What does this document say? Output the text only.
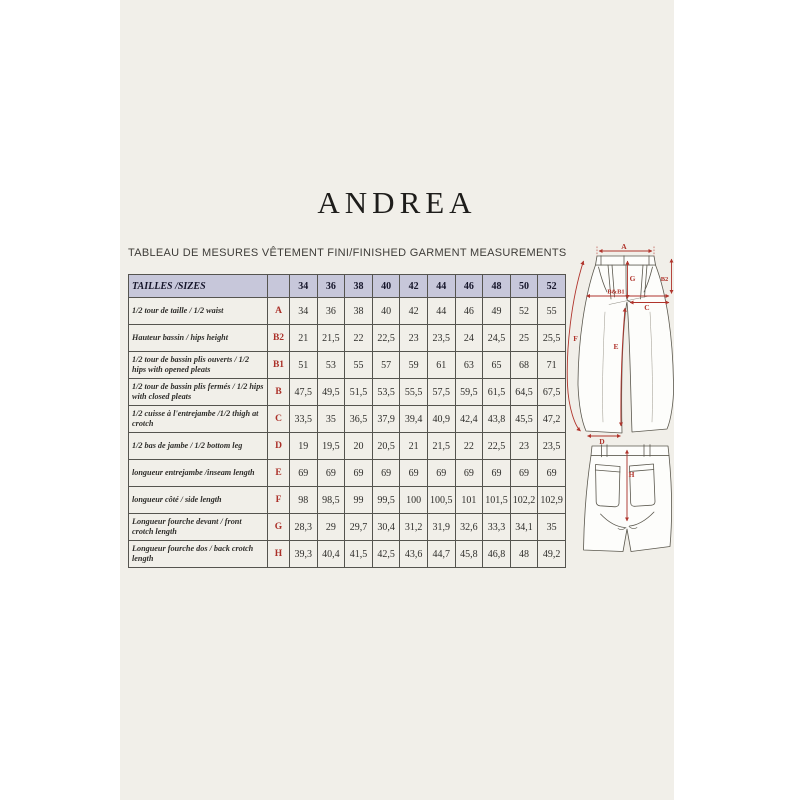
ANDREA
TABLEAU DE MESURES VÊTEMENT FINI/FINISHED GARMENT MEASUREMENTS
TAILLES /SIZES		34	36	38	40	42	44	46	48	50	52
1/2 tour de taille / 1/2 waist	A	34	36	38	40	42	44	46	49	52	55
Hauteur bassin / hips height	B2	21	21,5	22	22,5	23	23,5	24	24,5	25	25,5
1/2 tour de bassin plis ouverts / 1/2 hips with opened pleats	B1	51	53	55	57	59	61	63	65	68	71
1/2 tour de bassin plis fermés / 1/2 hips with closed pleats	B	47,5	49,5	51,5	53,5	55,5	57,5	59,5	61,5	64,5	67,5
1/2 cuisse à l'entrejambe /1/2 thigh at crotch	C	33,5	35	36,5	37,9	39,4	40,9	42,4	43,8	45,5	47,2
1/2 bas de jambe / 1/2 bottom leg	D	19	19,5	20	20,5	21	21,5	22	22,5	23	23,5
longueur entrejambe /inseam length	E	69	69	69	69	69	69	69	69	69	69
longueur côté / side length	F	98	98,5	99	99,5	100	100,5	101	101,5	102,2	102,9
Longueur fourche devant / front crotch length	G	28,3	29	29,7	30,4	31,2	31,9	32,6	33,3	34,1	35
Longueur fourche dos / back crotch length	H	39,3	40,4	41,5	42,5	43,6	44,7	45,8	46,8	48	49,2
A
G	B2
B&B1
C
F
E
D
H
